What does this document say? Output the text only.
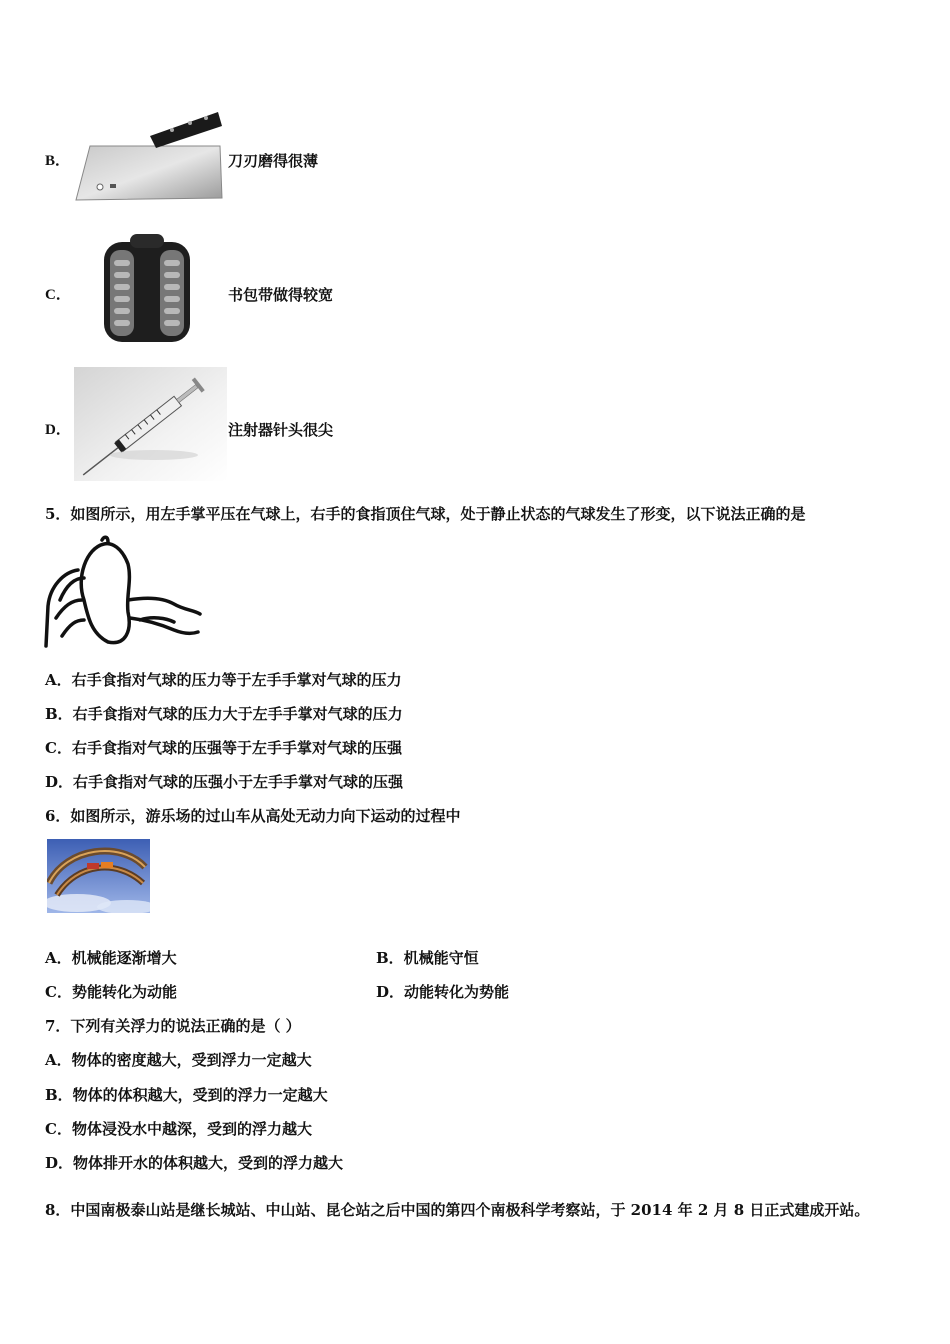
B．	刀刃磨得很薄
C．	书包带做得较宽
D．	注射器针头很尖
5．如图所示，用左手掌平压在气球上，右手的食指顶住气球，处于静止状态的气球发生了形变，以下说法正确的是
A．右手食指对气球的压力等于左手手掌对气球的压力
B．右手食指对气球的压力大于左手手掌对气球的压力
C．右手食指对气球的压强等于左手手掌对气球的压强
D．右手食指对气球的压强小于左手手掌对气球的压强
6．如图所示，游乐场的过山车从高处无动力向下运动的过程中
A．机械能逐渐增大	B．机械能守恒
C．势能转化为动能	D．动能转化为势能
7．下列有关浮力的说法正确的是（ ）
A．物体的密度越大，受到浮力一定越大
B．物体的体积越大，受到的浮力一定越大
C．物体浸没水中越深，受到的浮力越大
D．物体排开水的体积越大，受到的浮力越大
8．中国南极泰山站是继长城站、中山站、昆仑站之后中国的第四个南极科学考察站，于 2014 年 2 月 8 日正式建成开站。
